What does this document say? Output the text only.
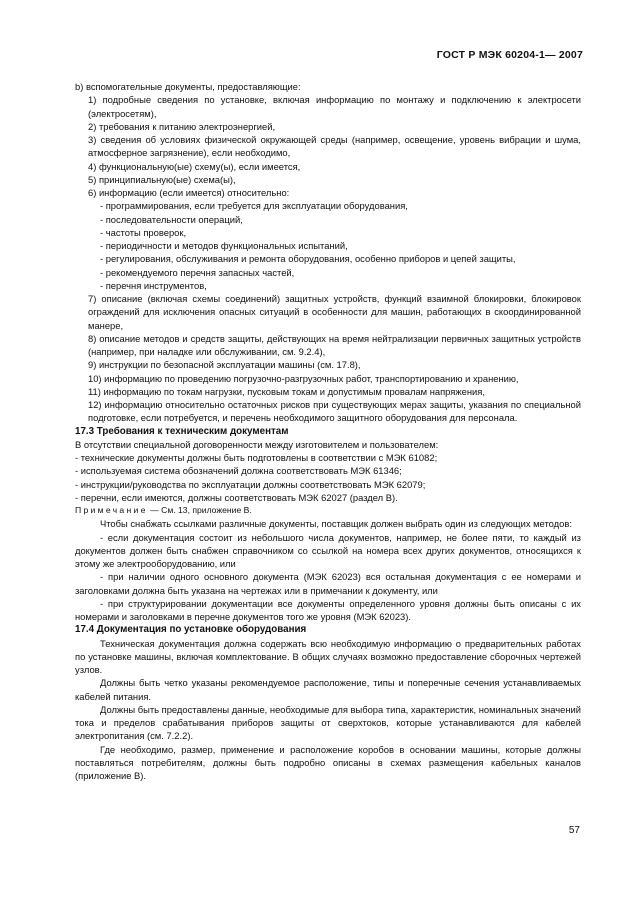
ГОСТ Р МЭК 60204-1— 2007

b) вспомогательные документы, предоставляющие:

1) подробные сведения по установке, включая информацию по монтажу и подключению к электросети (электросетям),

2) требования к питанию электроэнергией,

3) сведения об условиях физической окружающей среды (например, освещение, уровень вибрации и шума, атмосферное загрязнение), если необходимо,

4) функциональную(ые) схему(ы), если имеется,

5) принципиальную(ые) схема(ы),

6) информацию (если имеется) относительно:

- программирования, если требуется для эксплуатации оборудования,

- последовательности операций,

- частоты проверок,

- периодичности и методов функциональных испытаний,

- регулирования, обслуживания и ремонта оборудования, особенно приборов и цепей защиты,

- рекомендуемого перечня запасных частей,

- перечня инструментов,

7) описание (включая схемы соединений) защитных устройств, функций взаимной блокировки, блокировок ограждений для исключения опасных ситуаций в особенности для машин, работающих в скоординированной манере,

8) описание методов и средств защиты, действующих на время нейтрализации первичных защитных устройств (например, при наладке или обслуживании, см. 9.2.4),

9) инструкции по безопасной эксплуатации машины (см. 17.8),

10) информацию по проведению погрузочно-разгрузочных работ, транспортированию и хранению,

11) информацию по токам нагрузки, пусковым токам и допустимым провалам напряжения,

12) информацию относительно остаточных рисков при существующих мерах защиты, указания по специальной подготовке, если потребуется, и перечень необходимого защитного оборудования для персонала.

17.3 Требования к техническим документам

В отсутствии специальной договоренности между изготовителем и пользователем:

- технические документы должны быть подготовлены в соответствии с МЭК 61082;

- используемая система обозначений должна соответствовать МЭК 61346;

- инструкции/руководства по эксплуатации должны соответствовать МЭК 62079;

- перечни, если имеются, должны соответствовать МЭК 62027 (раздел В).

Примечание — См. 13, приложение В.

Чтобы снабжать ссылками различные документы, поставщик должен выбрать один из следующих методов:

- если документация состоит из небольшого числа документов, например, не более пяти, то каждый из документов должен быть снабжен справочником со ссылкой на номера всех других документов, относящихся к этому же электрооборудованию, или

- при наличии одного основного документа (МЭК 62023) вся остальная документация с ее номерами и заголовками должна быть указана на чертежах или в примечании к документу, или

- при структурировании документации все документы определенного уровня должны быть описаны с их номерами и заголовками в перечне документов того же уровня (МЭК 62023).

17.4 Документация по установке оборудования

Техническая документация должна содержать всю необходимую информацию о предварительных работах по установке машины, включая комплектование. В общих случаях возможно предоставление сборочных чертежей узлов.

Должны быть четко указаны рекомендуемое расположение, типы и поперечные сечения устанавливаемых кабелей питания.

Должны быть предоставлены данные, необходимые для выбора типа, характеристик, номинальных значений тока и пределов срабатывания приборов защиты от сверхтоков, которые устанавливаются для кабелей электропитания (см. 7.2.2).

Где необходимо, размер, применение и расположение коробов в основании машины, которые должны поставляться потребителям, должны быть подробно описаны в схемах размещения кабельных каналов (приложение В).

57
